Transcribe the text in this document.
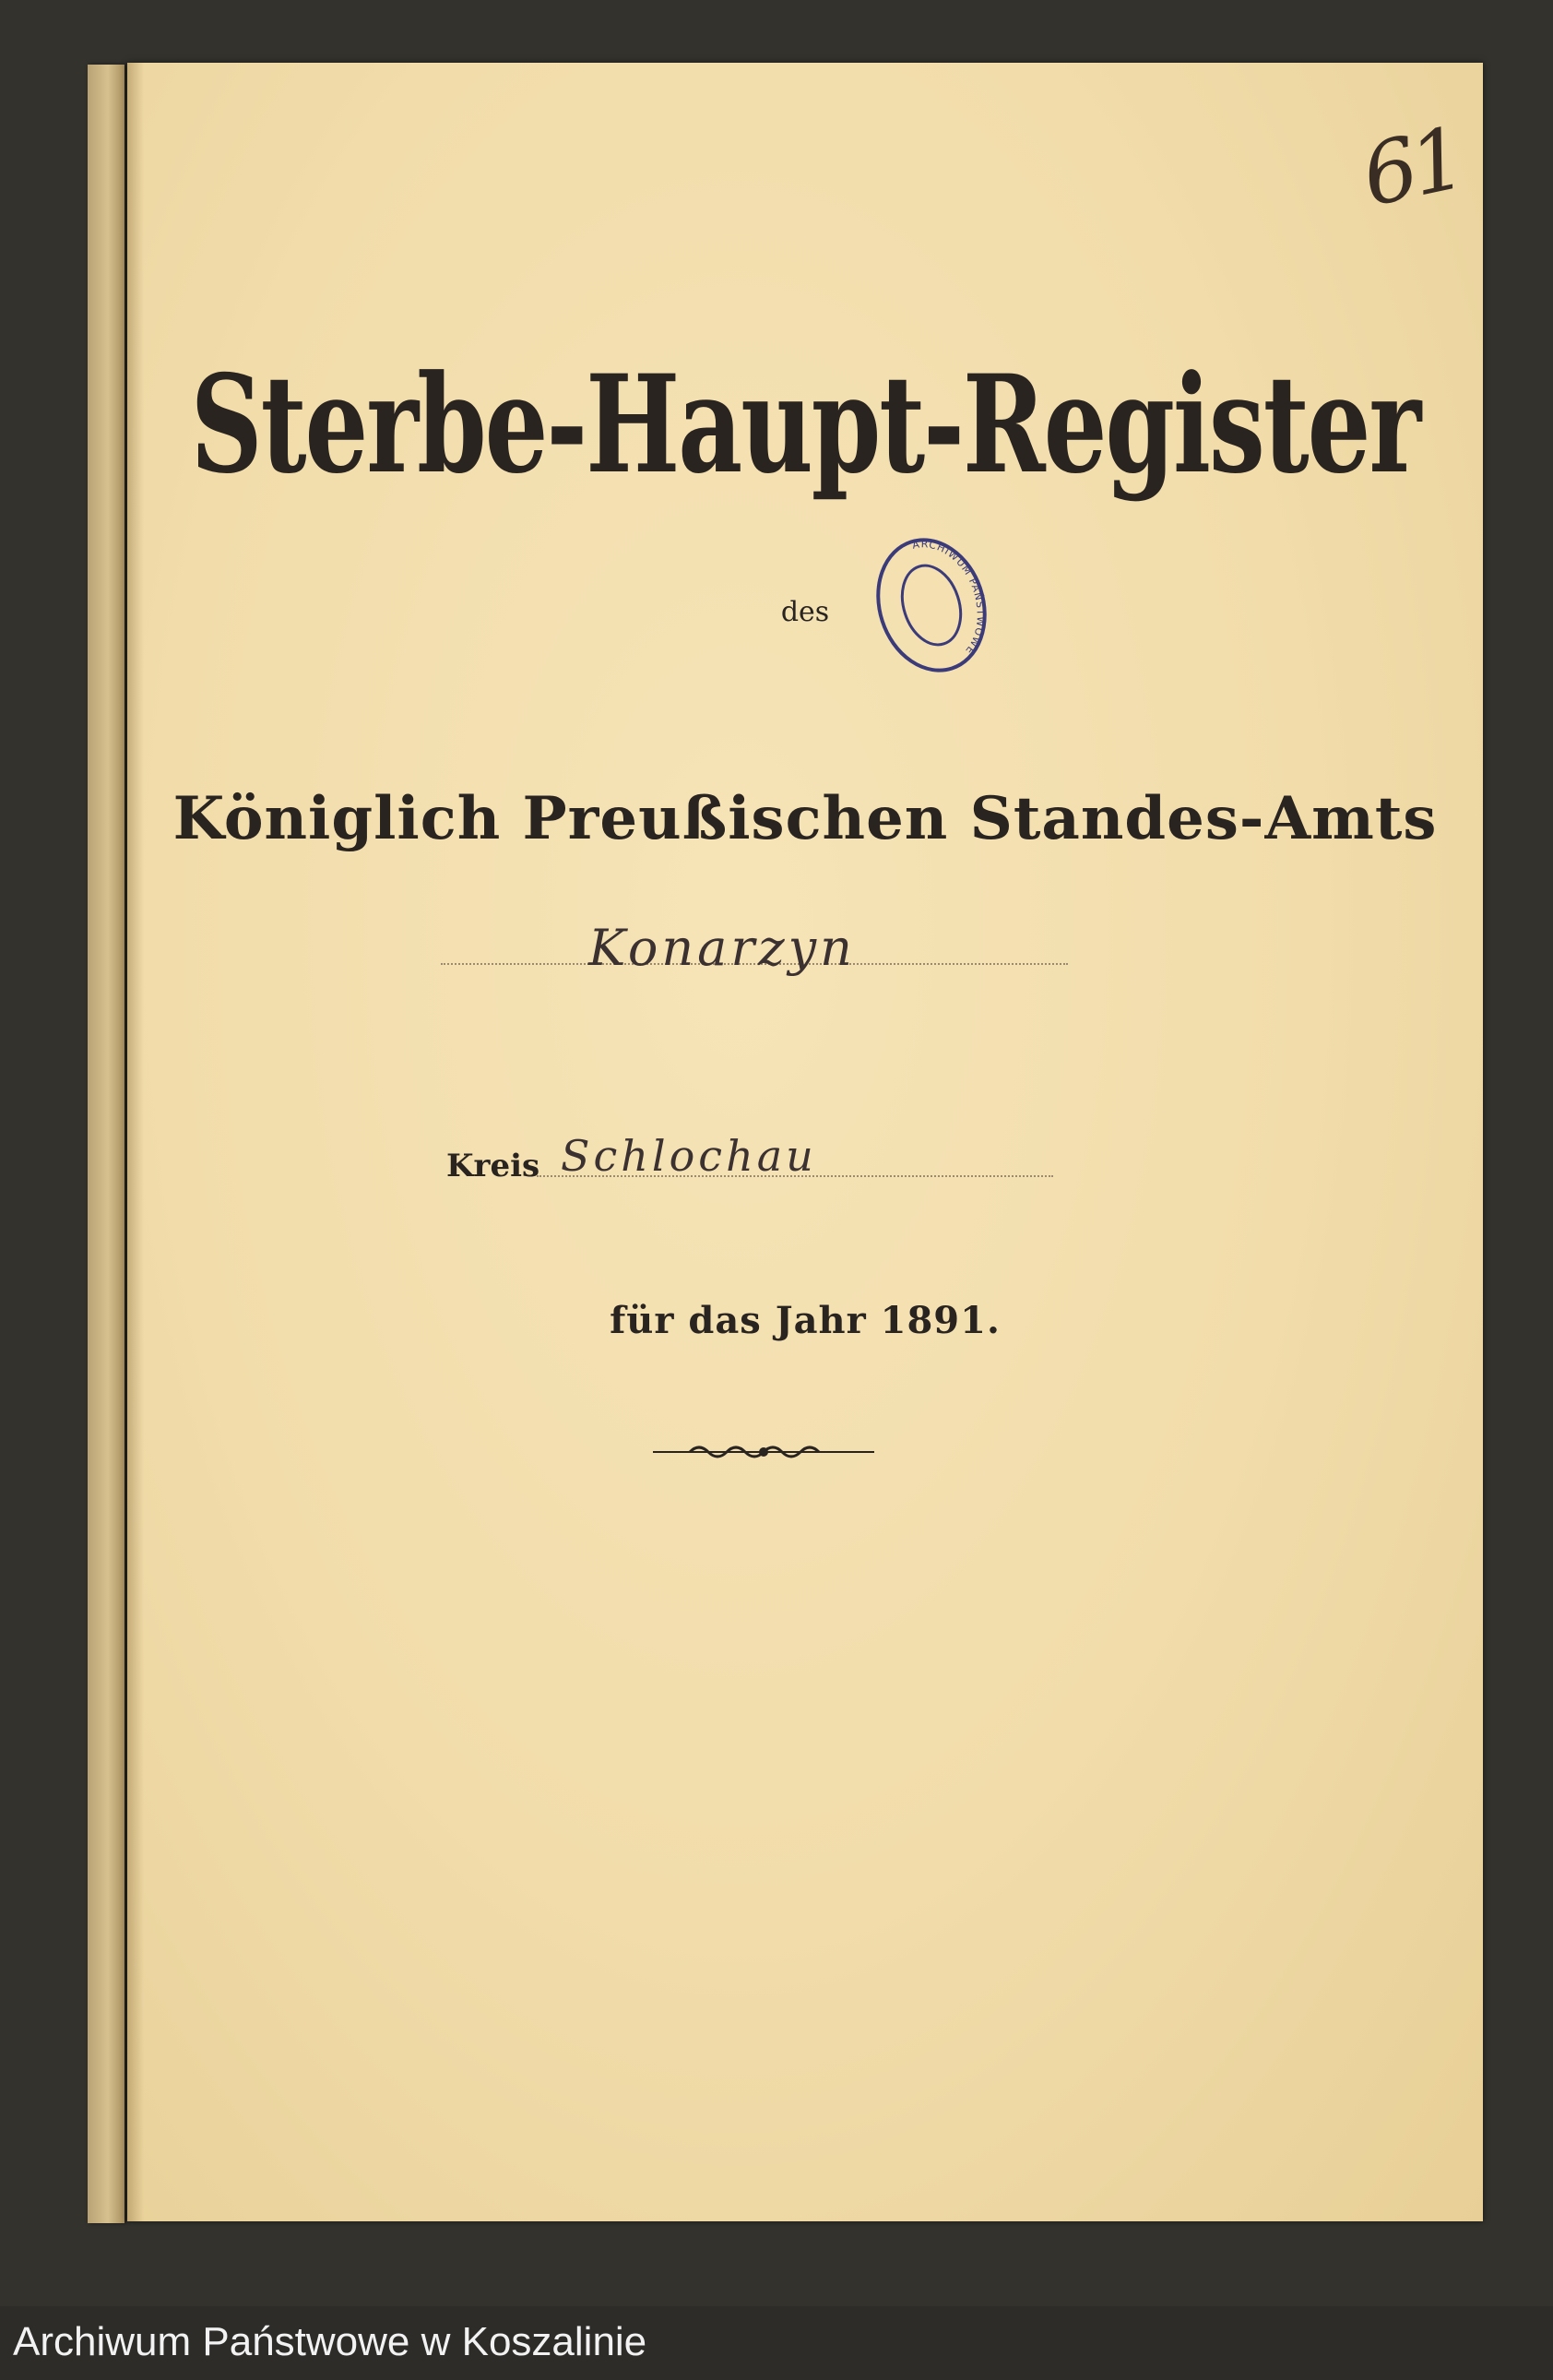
61
Sterbe-Haupt-Register
des
ARCHIWUM PAŃSTWOWE
Königlich Preußischen Standes-Amts
Konarzyn
Kreis Schlochau
für das Jahr 1891.
Archiwum Państwowe w Koszalinie
